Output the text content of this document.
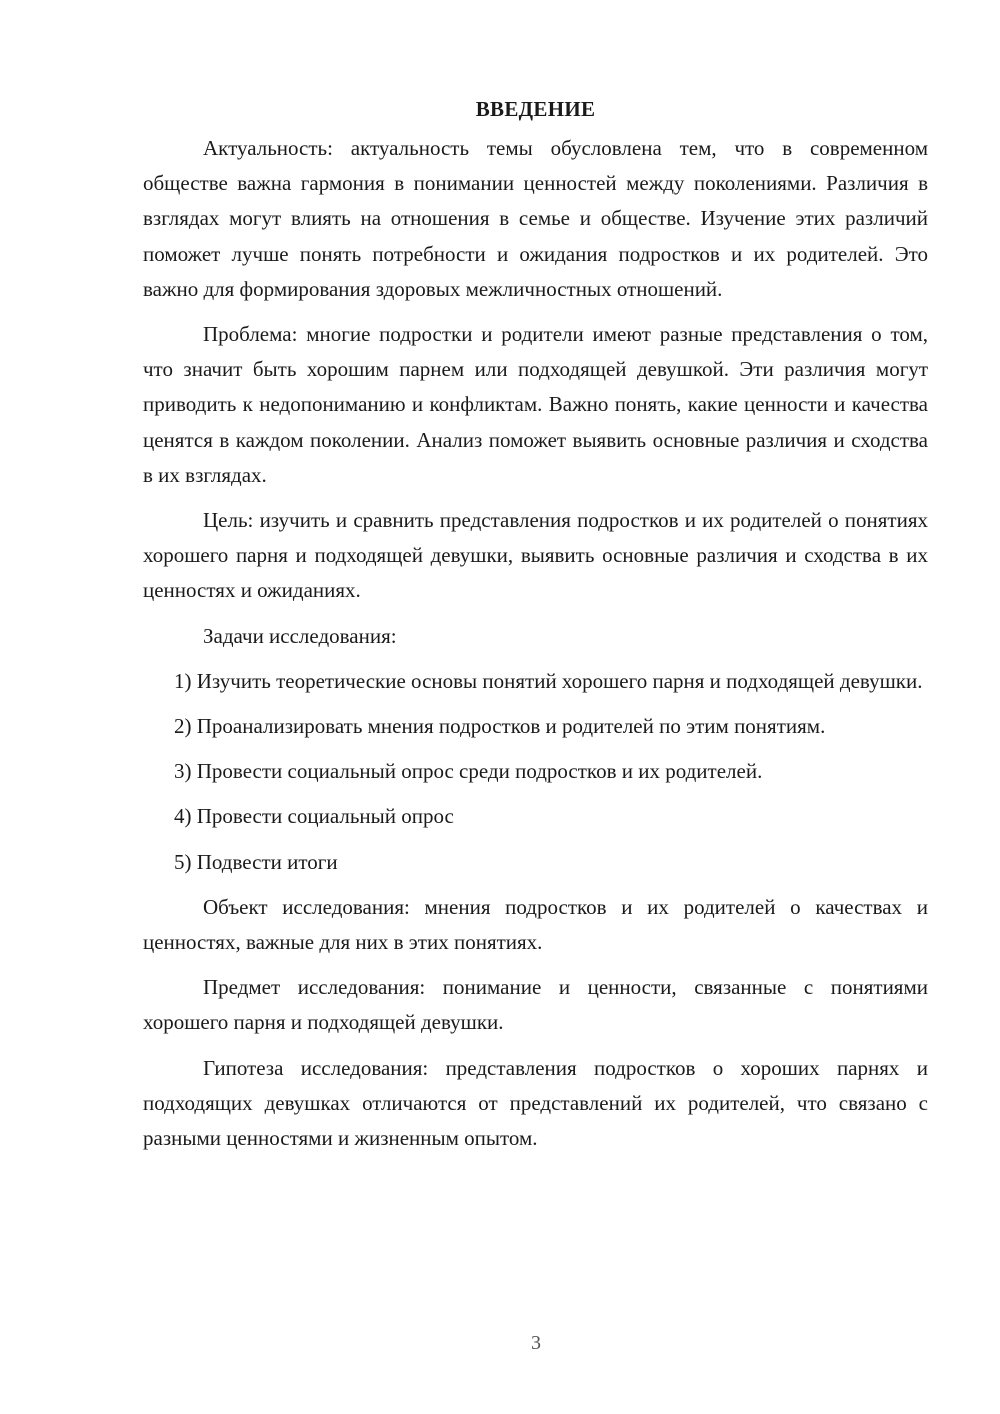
ВВЕДЕНИЕ

Актуальность: актуальность темы обусловлена тем, что в современном обществе важна гармония в понимании ценностей между поколениями. Различия в взглядах могут влиять на отношения в семье и обществе. Изучение этих различий поможет лучше понять потребности и ожидания подростков и их родителей. Это важно для формирования здоровых межличностных отношений.

Проблема: многие подростки и родители имеют разные представления о том, что значит быть хорошим парнем или подходящей девушкой. Эти различия могут приводить к недопониманию и конфликтам. Важно понять, какие ценности и качества ценятся в каждом поколении. Анализ поможет выявить основные различия и сходства в их взглядах.

Цель: изучить и сравнить представления подростков и их родителей о понятиях хорошего парня и подходящей девушки, выявить основные различия и сходства в их ценностях и ожиданиях.

Задачи исследования:

1) Изучить теоретические основы понятий хорошего парня и подходящей девушки.

2) Проанализировать мнения подростков и родителей по этим понятиям.

3) Провести социальный опрос среди подростков и их родителей.

4) Провести социальный опрос

5) Подвести итоги

Объект исследования: мнения подростков и их родителей о качествах и ценностях, важные для них в этих понятиях.

Предмет исследования: понимание и ценности, связанные с понятиями хорошего парня и подходящей девушки.

Гипотеза исследования: представления подростков о хороших парнях и подходящих девушках отличаются от представлений их родителей, что связано с разными ценностями и жизненным опытом.

3
